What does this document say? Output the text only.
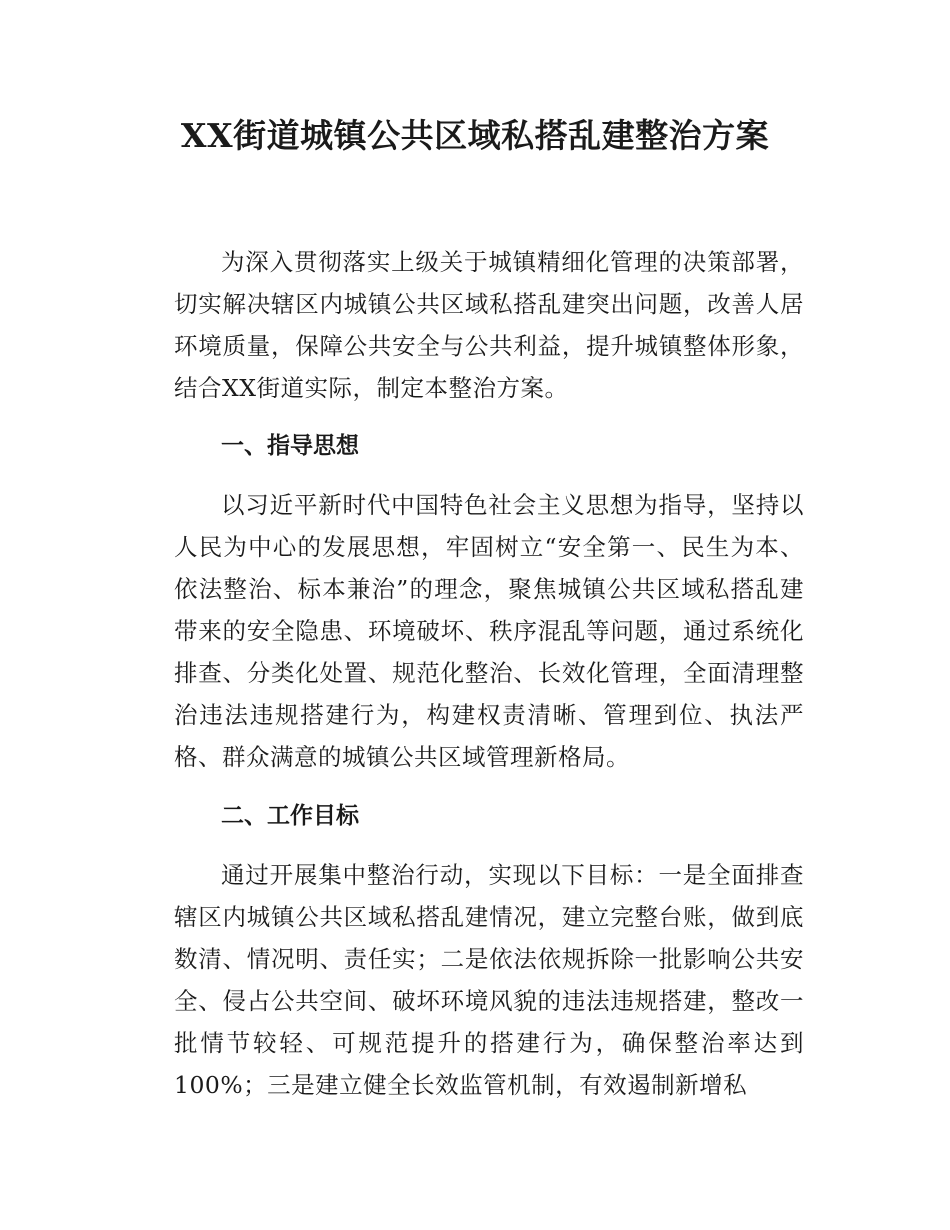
XX街道城镇公共区域私搭乱建整治方案

为深入贯彻落实上级关于城镇精细化管理的决策部署，切实解决辖区内城镇公共区域私搭乱建突出问题，改善人居环境质量，保障公共安全与公共利益，提升城镇整体形象，结合XX街道实际，制定本整治方案。

一、指导思想

以习近平新时代中国特色社会主义思想为指导，坚持以人民为中心的发展思想，牢固树立“安全第一、民生为本、依法整治、标本兼治”的理念，聚焦城镇公共区域私搭乱建带来的安全隐患、环境破坏、秩序混乱等问题，通过系统化排查、分类化处置、规范化整治、长效化管理，全面清理整治违法违规搭建行为，构建权责清晰、管理到位、执法严格、群众满意的城镇公共区域管理新格局。

二、工作目标

通过开展集中整治行动，实现以下目标：一是全面排查辖区内城镇公共区域私搭乱建情况，建立完整台账，做到底数清、情况明、责任实；二是依法依规拆除一批影响公共安全、侵占公共空间、破坏环境风貌的违法违规搭建，整改一批情节较轻、可规范提升的搭建行为，确保整治率达到100%；三是建立健全长效监管机制，有效遏制新增私
